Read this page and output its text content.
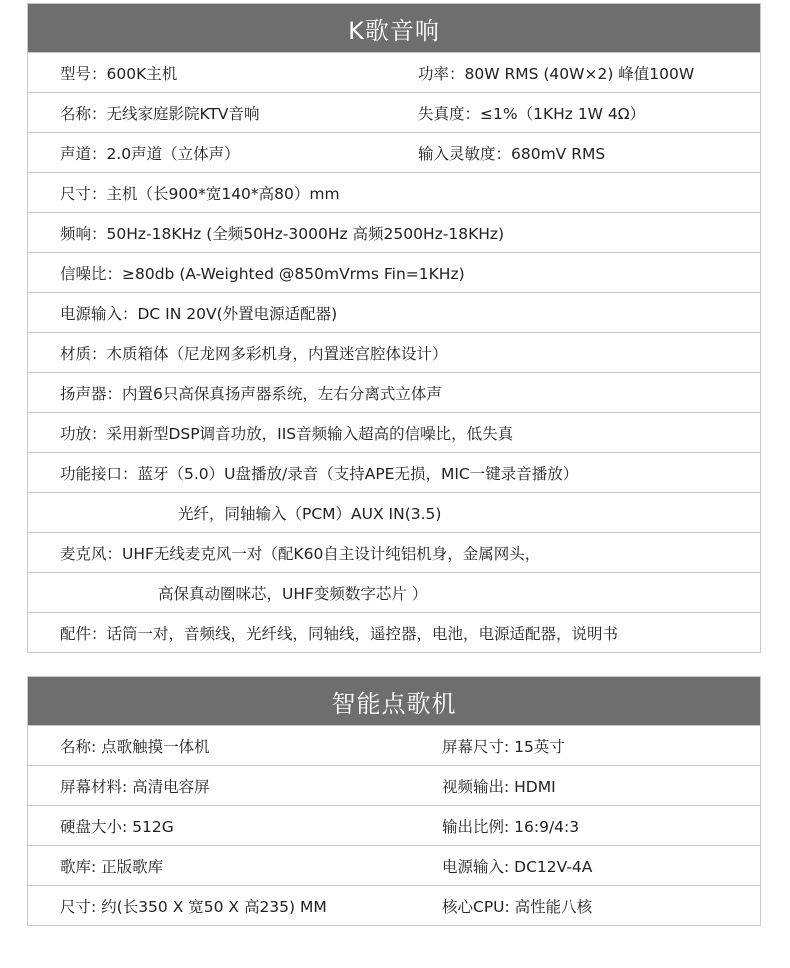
K歌音响
型号：600K主机	功率：80W RMS (40W×2) 峰值100W
名称：无线家庭影院KTV音响	失真度：≤1%（1KHz 1W 4Ω）
声道：2.0声道（立体声）	输入灵敏度：680mV RMS
尺寸：主机（长900*宽140*高80）mm
频响：50Hz-18KHz (全频50Hz-3000Hz 高频2500Hz-18KHz)
信噪比：≥80db (A-Weighted @850mVrms Fin=1KHz)
电源输入：DC IN 20V(外置电源适配器)
材质：木质箱体（尼龙网多彩机身，内置迷宫腔体设计）
扬声器：内置6只高保真扬声器系统，左右分离式立体声
功放：采用新型DSP调音功放，IIS音频输入超高的信噪比，低失真
功能接口：蓝牙（5.0）U盘播放/录音（支持APE无损，MIC一键录音播放）
光纤，同轴输入（PCM）AUX IN(3.5)
麦克风：UHF无线麦克风一对（配K60自主设计纯铝机身，金属网头，
高保真动圈咪芯，UHF变频数字芯片 ）
配件：话筒一对，音频线，光纤线，同轴线，遥控器，电池，电源适配器，说明书
智能点歌机
名称: 点歌触摸一体机	屏幕尺寸: 15英寸
屏幕材料: 高清电容屏	视频输出: HDMI
硬盘大小: 512G	输出比例: 16:9/4:3
歌库: 正版歌库	电源输入: DC12V-4A
尺寸: 约(长350 X 宽50 X 高235) MM	核心CPU: 高性能八核
